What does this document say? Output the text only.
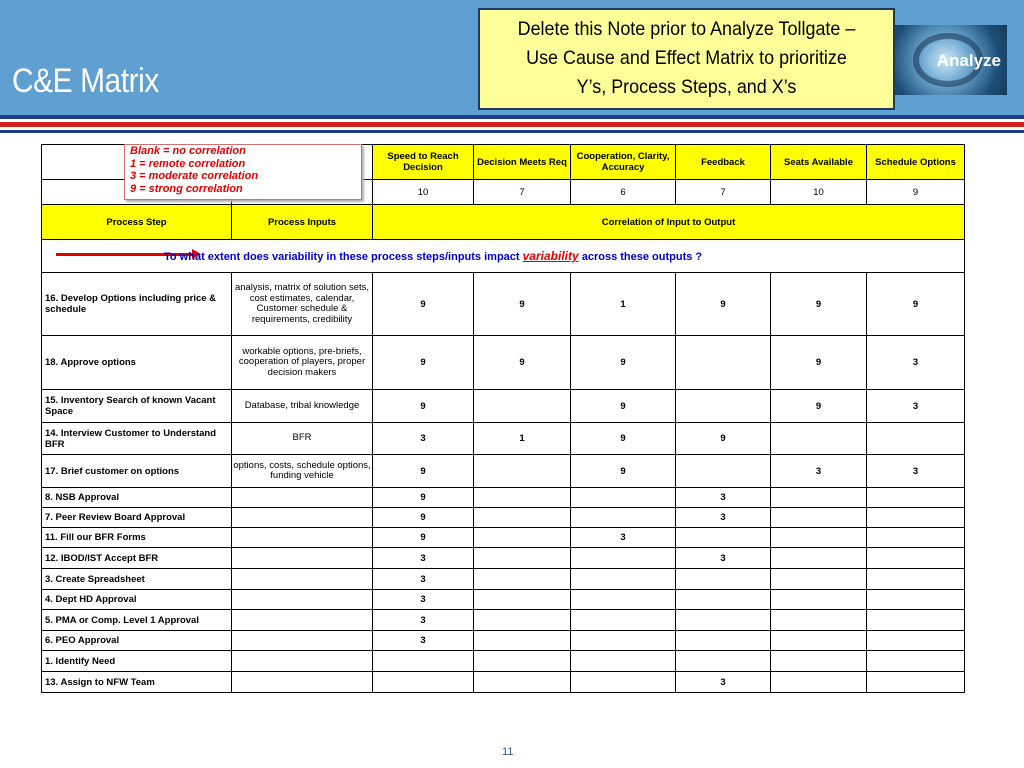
C&E Matrix
Analyze
Delete this Note prior to Analyze Tollgate –
Use Cause and Effect Matrix to prioritize
Y’s, Process Steps, and X’s
		Speed to Reach Decision	Decision Meets Req	Cooperation, Clarity, Accuracy	Feedback	Seats Available	Schedule Options
		10	7	6	7	10	9
Process Step	Process Inputs	Correlation of Input to Output					

To what extent does variability in these process steps/inputs impact variability across these outputs ?							

16. Develop Options including price & schedule	analysis, matrix of solution sets, cost estimates, calendar, Customer schedule & requirements, credibility	9	9	1	9	9	9
18. Approve options	workable options, pre-briefs, cooperation of players, proper decision makers	9	9	9		9	3
15. Inventory Search of known Vacant Space	Database, tribal knowledge	9		9		9	3
14. Interview Customer to Understand BFR	BFR	3	1	9	9		
17. Brief customer on options	options, costs, schedule options, funding vehicle	9		9		3	3
8. NSB Approval		9			3		
7. Peer Review Board Approval		9			3		
11. Fill our BFR Forms		9		3			
12. IBOD/IST Accept BFR		3			3		
3. Create Spreadsheet		3					
4. Dept HD Approval		3					
5. PMA or Comp. Level 1 Approval		3					
6. PEO Approval		3					
1. Identify Need							
13. Assign to NFW Team					3		
Blank = no correlation
1 = remote correlation
3 = moderate correlation
9 = strong correlation
11
